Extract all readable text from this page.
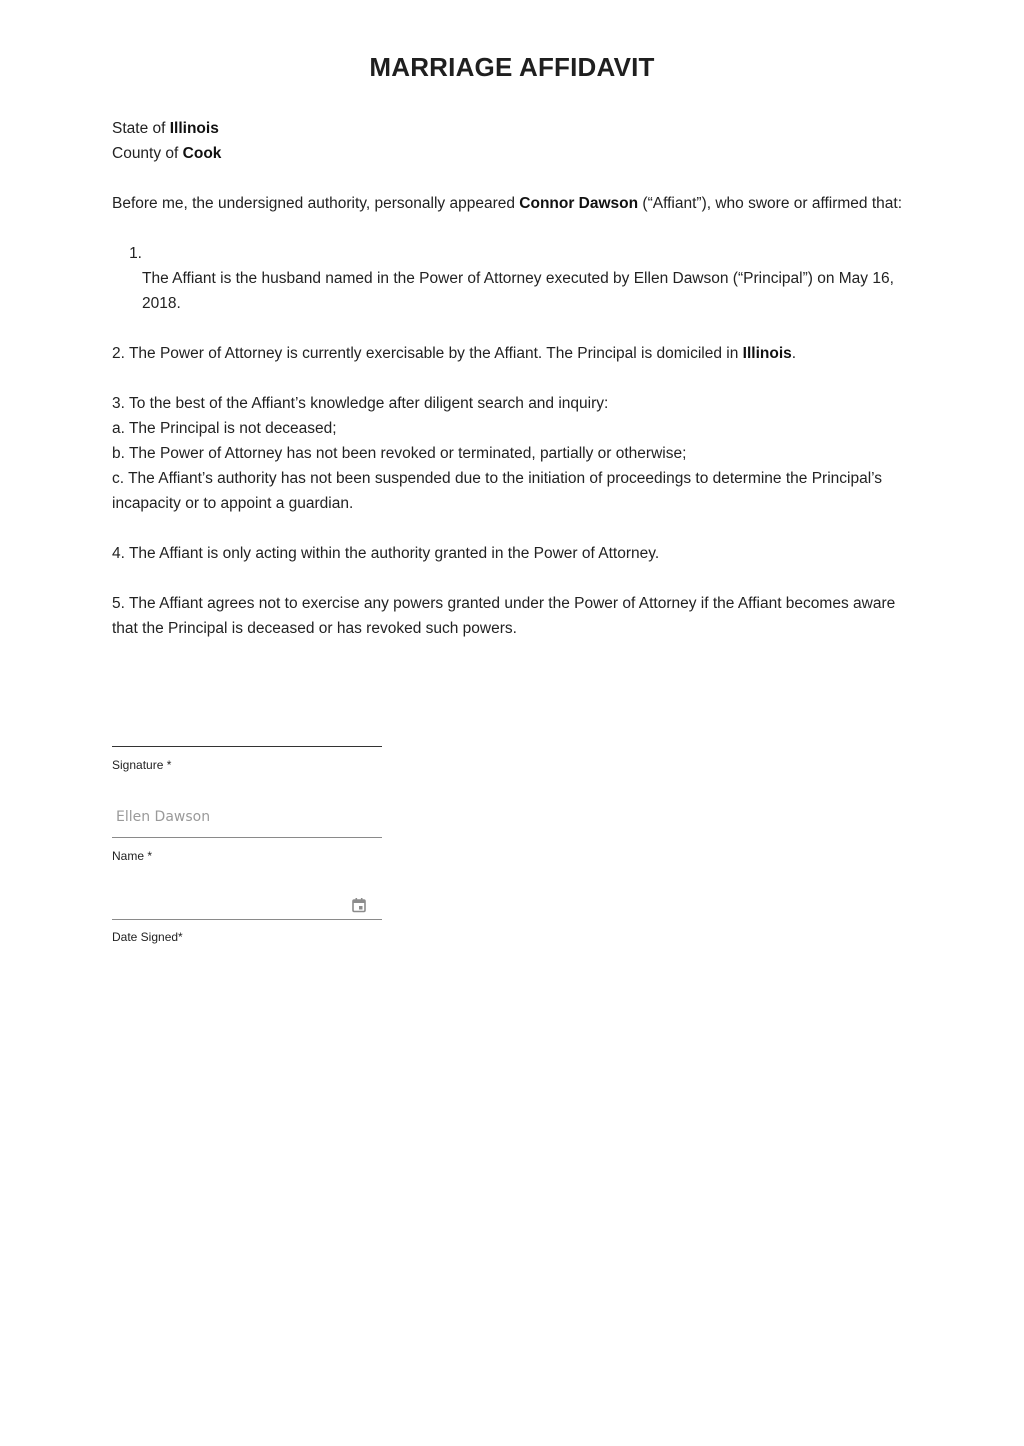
MARRIAGE AFFIDAVIT

State of Illinois

County of Cook

Before me, the undersigned authority, personally appeared Connor Dawson (“Affiant”), who swore or affirmed that:

1.
The Affiant is the husband named in the Power of Attorney executed by Ellen Dawson (“Principal”) on May 16, 2018.

2. The Power of Attorney is currently exercisable by the Affiant. The Principal is domiciled in Illinois.

3. To the best of the Affiant’s knowledge after diligent search and inquiry:

a. The Principal is not deceased;

b. The Power of Attorney has not been revoked or terminated, partially or otherwise;

c. The Affiant’s authority has not been suspended due to the initiation of proceedings to determine the Principal’s incapacity or to appoint a guardian.

4. The Affiant is only acting within the authority granted in the Power of Attorney.

5. The Affiant agrees not to exercise any powers granted under the Power of Attorney if the Affiant becomes aware that the Principal is deceased or has revoked such powers.

Signature *
Ellen Dawson
Name *
Date Signed*
